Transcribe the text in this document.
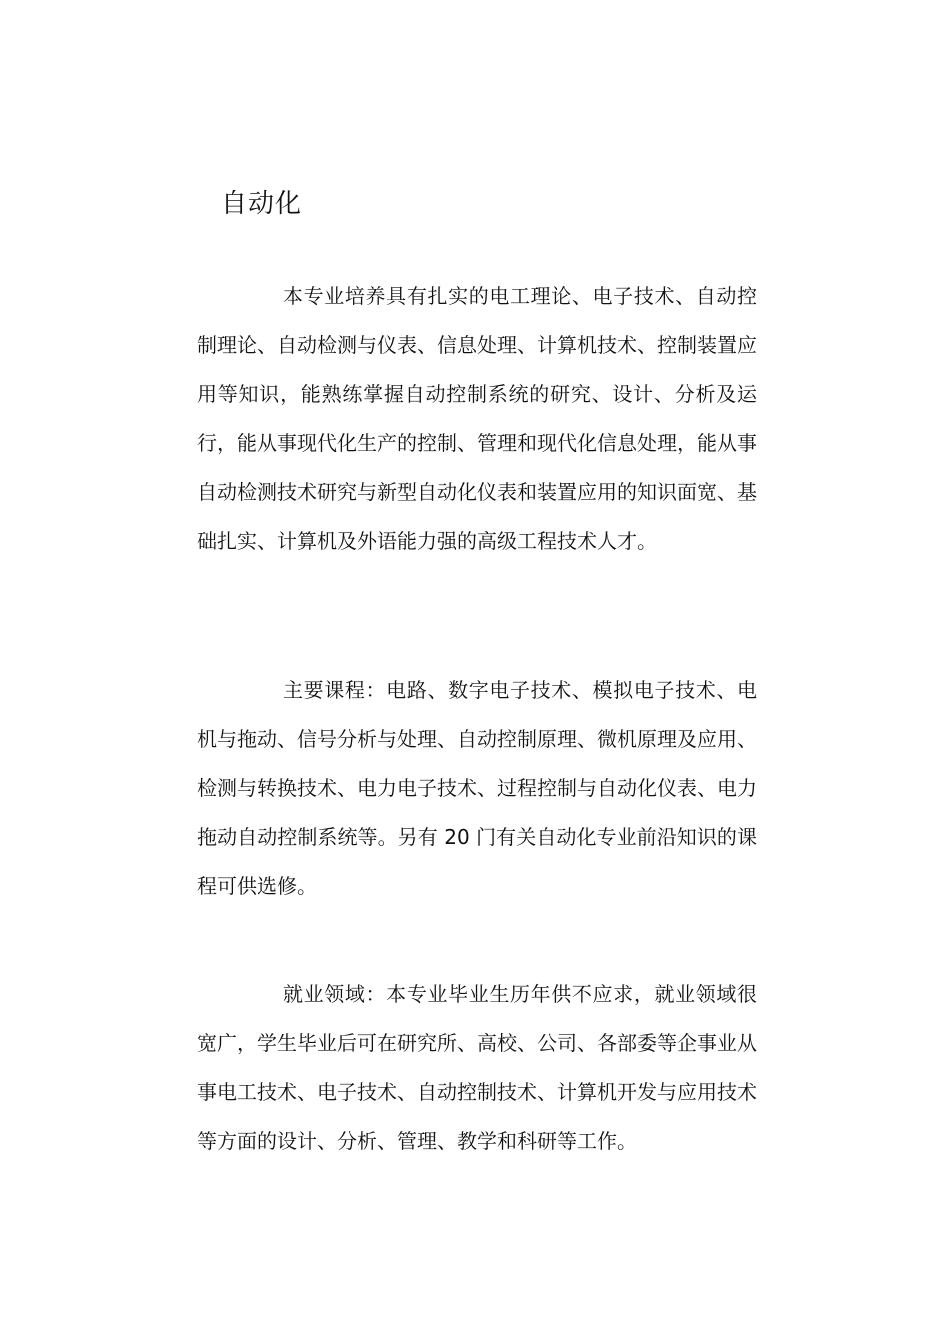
自动化

本专业培养具有扎实的电工理论、电子技术、自动控制理论、自动检测与仪表、信息处理、计算机技术、控制装置应用等知识，能熟练掌握自动控制系统的研究、设计、分析及运行，能从事现代化生产的控制、管理和现代化信息处理，能从事自动检测技术研究与新型自动化仪表和装置应用的知识面宽、基础扎实、计算机及外语能力强的高级工程技术人才。

主要课程：电路、数字电子技术、模拟电子技术、电机与拖动、信号分析与处理、自动控制原理、微机原理及应用、检测与转换技术、电力电子技术、过程控制与自动化仪表、电力拖动自动控制系统等。另有 20 门有关自动化专业前沿知识的课程可供选修。

就业领域：本专业毕业生历年供不应求，就业领域很宽广，学生毕业后可在研究所、高校、公司、各部委等企事业从事电工技术、电子技术、自动控制技术、计算机开发与应用技术等方面的设计、分析、管理、教学和科研等工作。
